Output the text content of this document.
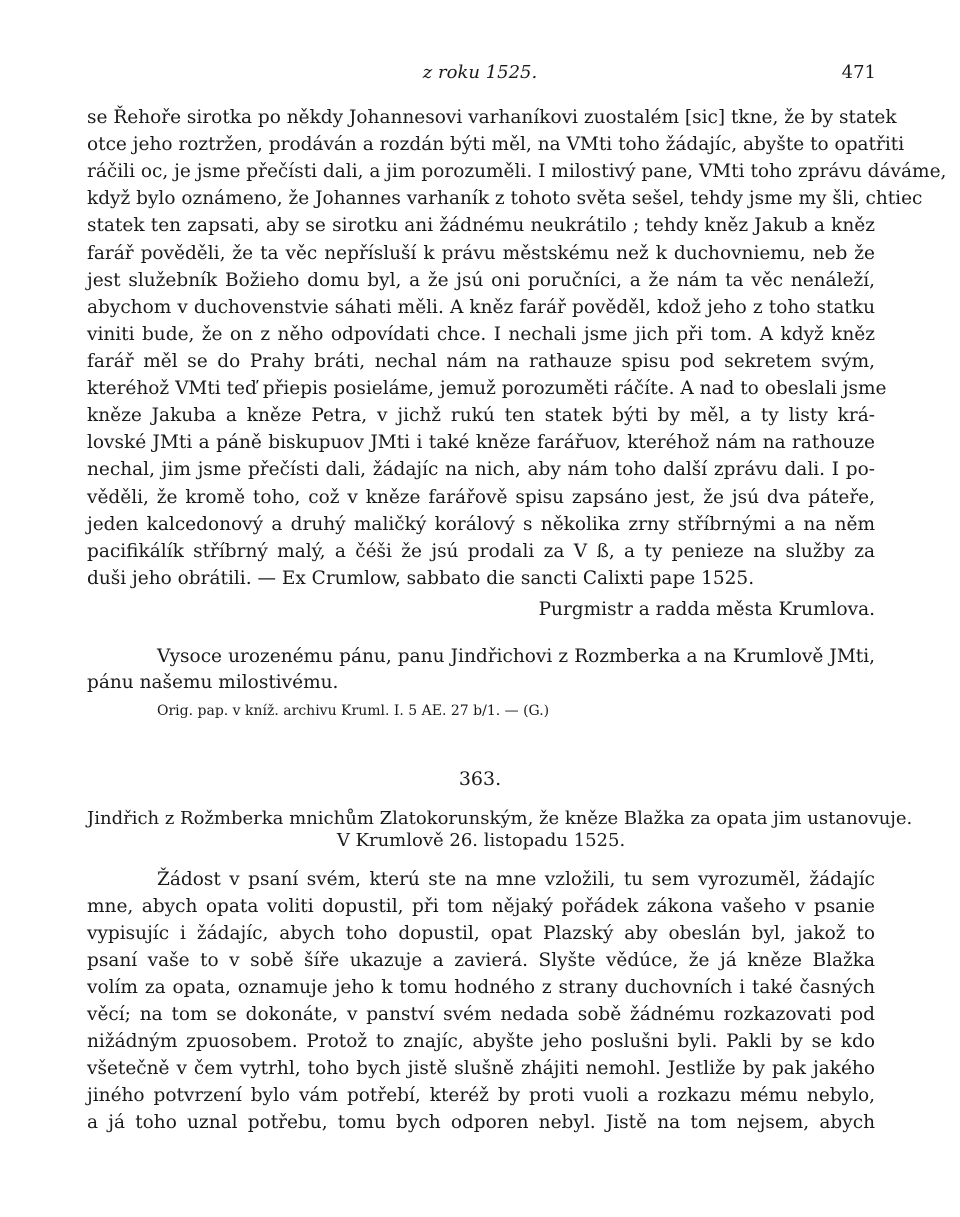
z roku 1525.	471
se Řehoře sirotka po někdy Johannesovi varhaníkovi zuostalém [sic] tkne, že by statek
otce jeho roztržen, prodáván a rozdán býti měl, na VMti toho žádajíc, abyšte to opatřiti
ráčili oc, je jsme přečísti dali, a jim porozuměli. I milostivý pane, VMti toho zprávu dáváme,
když bylo oznámeno, že Johannes varhaník z tohoto světa sešel, tehdy jsme my šli, chtiec
statek ten zapsati, aby se sirotku ani žádnému neukrátilo ; tehdy kněz Jakub a kněz
farář pověděli, že ta věc nepřísluší k právu městskému než k duchovniemu, neb že
jest služebník Božieho domu byl, a že jsú oni poručníci, a že nám ta věc nenáleží,
abychom v duchovenstvie sáhati měli. A kněz farář pověděl, kdož jeho z toho statku
viniti bude, že on z něho odpovídati chce. I nechali jsme jich při tom. A když kněz
farář měl se do Prahy bráti, nechal nám na rathauze spisu pod sekretem svým,
kteréhož VMti teď přiepis posieláme, jemuž porozuměti ráčíte. A nad to obeslali jsme
kněze Jakuba a kněze Petra, v jichž rukú ten statek býti by měl, a ty listy krá-
lovské JMti a páně biskupuov JMti i také kněze farářuov, kteréhož nám na rathouze
nechal, jim jsme přečísti dali, žádajíc na nich, aby nám toho další zprávu dali. I po-
věděli, že kromě toho, což v kněze farářově spisu zapsáno jest, že jsú dva páteře,
jeden kalcedonový a druhý maličký korálový s několika zrny stříbrnými a na něm
pacifikálík stříbrný malý, a čéši že jsú prodali za V ß, a ty penieze na služby za
duši jeho obrátili. — Ex Crumlow, sabbato die sancti Calixti pape 1525.
Purgmistr a radda města Krumlova.
Vysoce urozenému pánu, panu Jindřichovi z Rozmberka a na Krumlově JMti,
pánu našemu milostivému.
Orig. pap. v kníž. archivu Kruml. I. 5 AE. 27 b/1. — (G.)
363.
Jindřich z Rožmberka mnichům Zlatokorunským, že kněze Blažka za opata jim ustanovuje.
V Krumlově 26. listopadu 1525.
Žádost v psaní svém, kterú ste na mne vzložili, tu sem vyrozuměl, žádajíc
mne, abych opata voliti dopustil, při tom nějaký pořádek zákona vašeho v psanie
vypisujíc i žádajíc, abych toho dopustil, opat Plazský aby obeslán byl, jakož to
psaní vaše to v sobě šíře ukazuje a zavierá. Slyšte vědúce, že já kněze Blažka
volím za opata, oznamuje jeho k tomu hodného z strany duchovních i také časných
věcí; na tom se dokonáte, v panství svém nedada sobě žádnému rozkazovati pod
nižádným zpuosobem. Protož to znajíc, abyšte jeho poslušni byli. Pakli by se kdo
všetečně v čem vytrhl, toho bych jistě slušně zhájiti nemohl. Jestliže by pak jakého
jiného potvrzení bylo vám potřebí, kteréž by proti vuoli a rozkazu mému nebylo,
a já toho uznal potřebu, tomu bych odporen nebyl. Jistě na tom nejsem, abych
